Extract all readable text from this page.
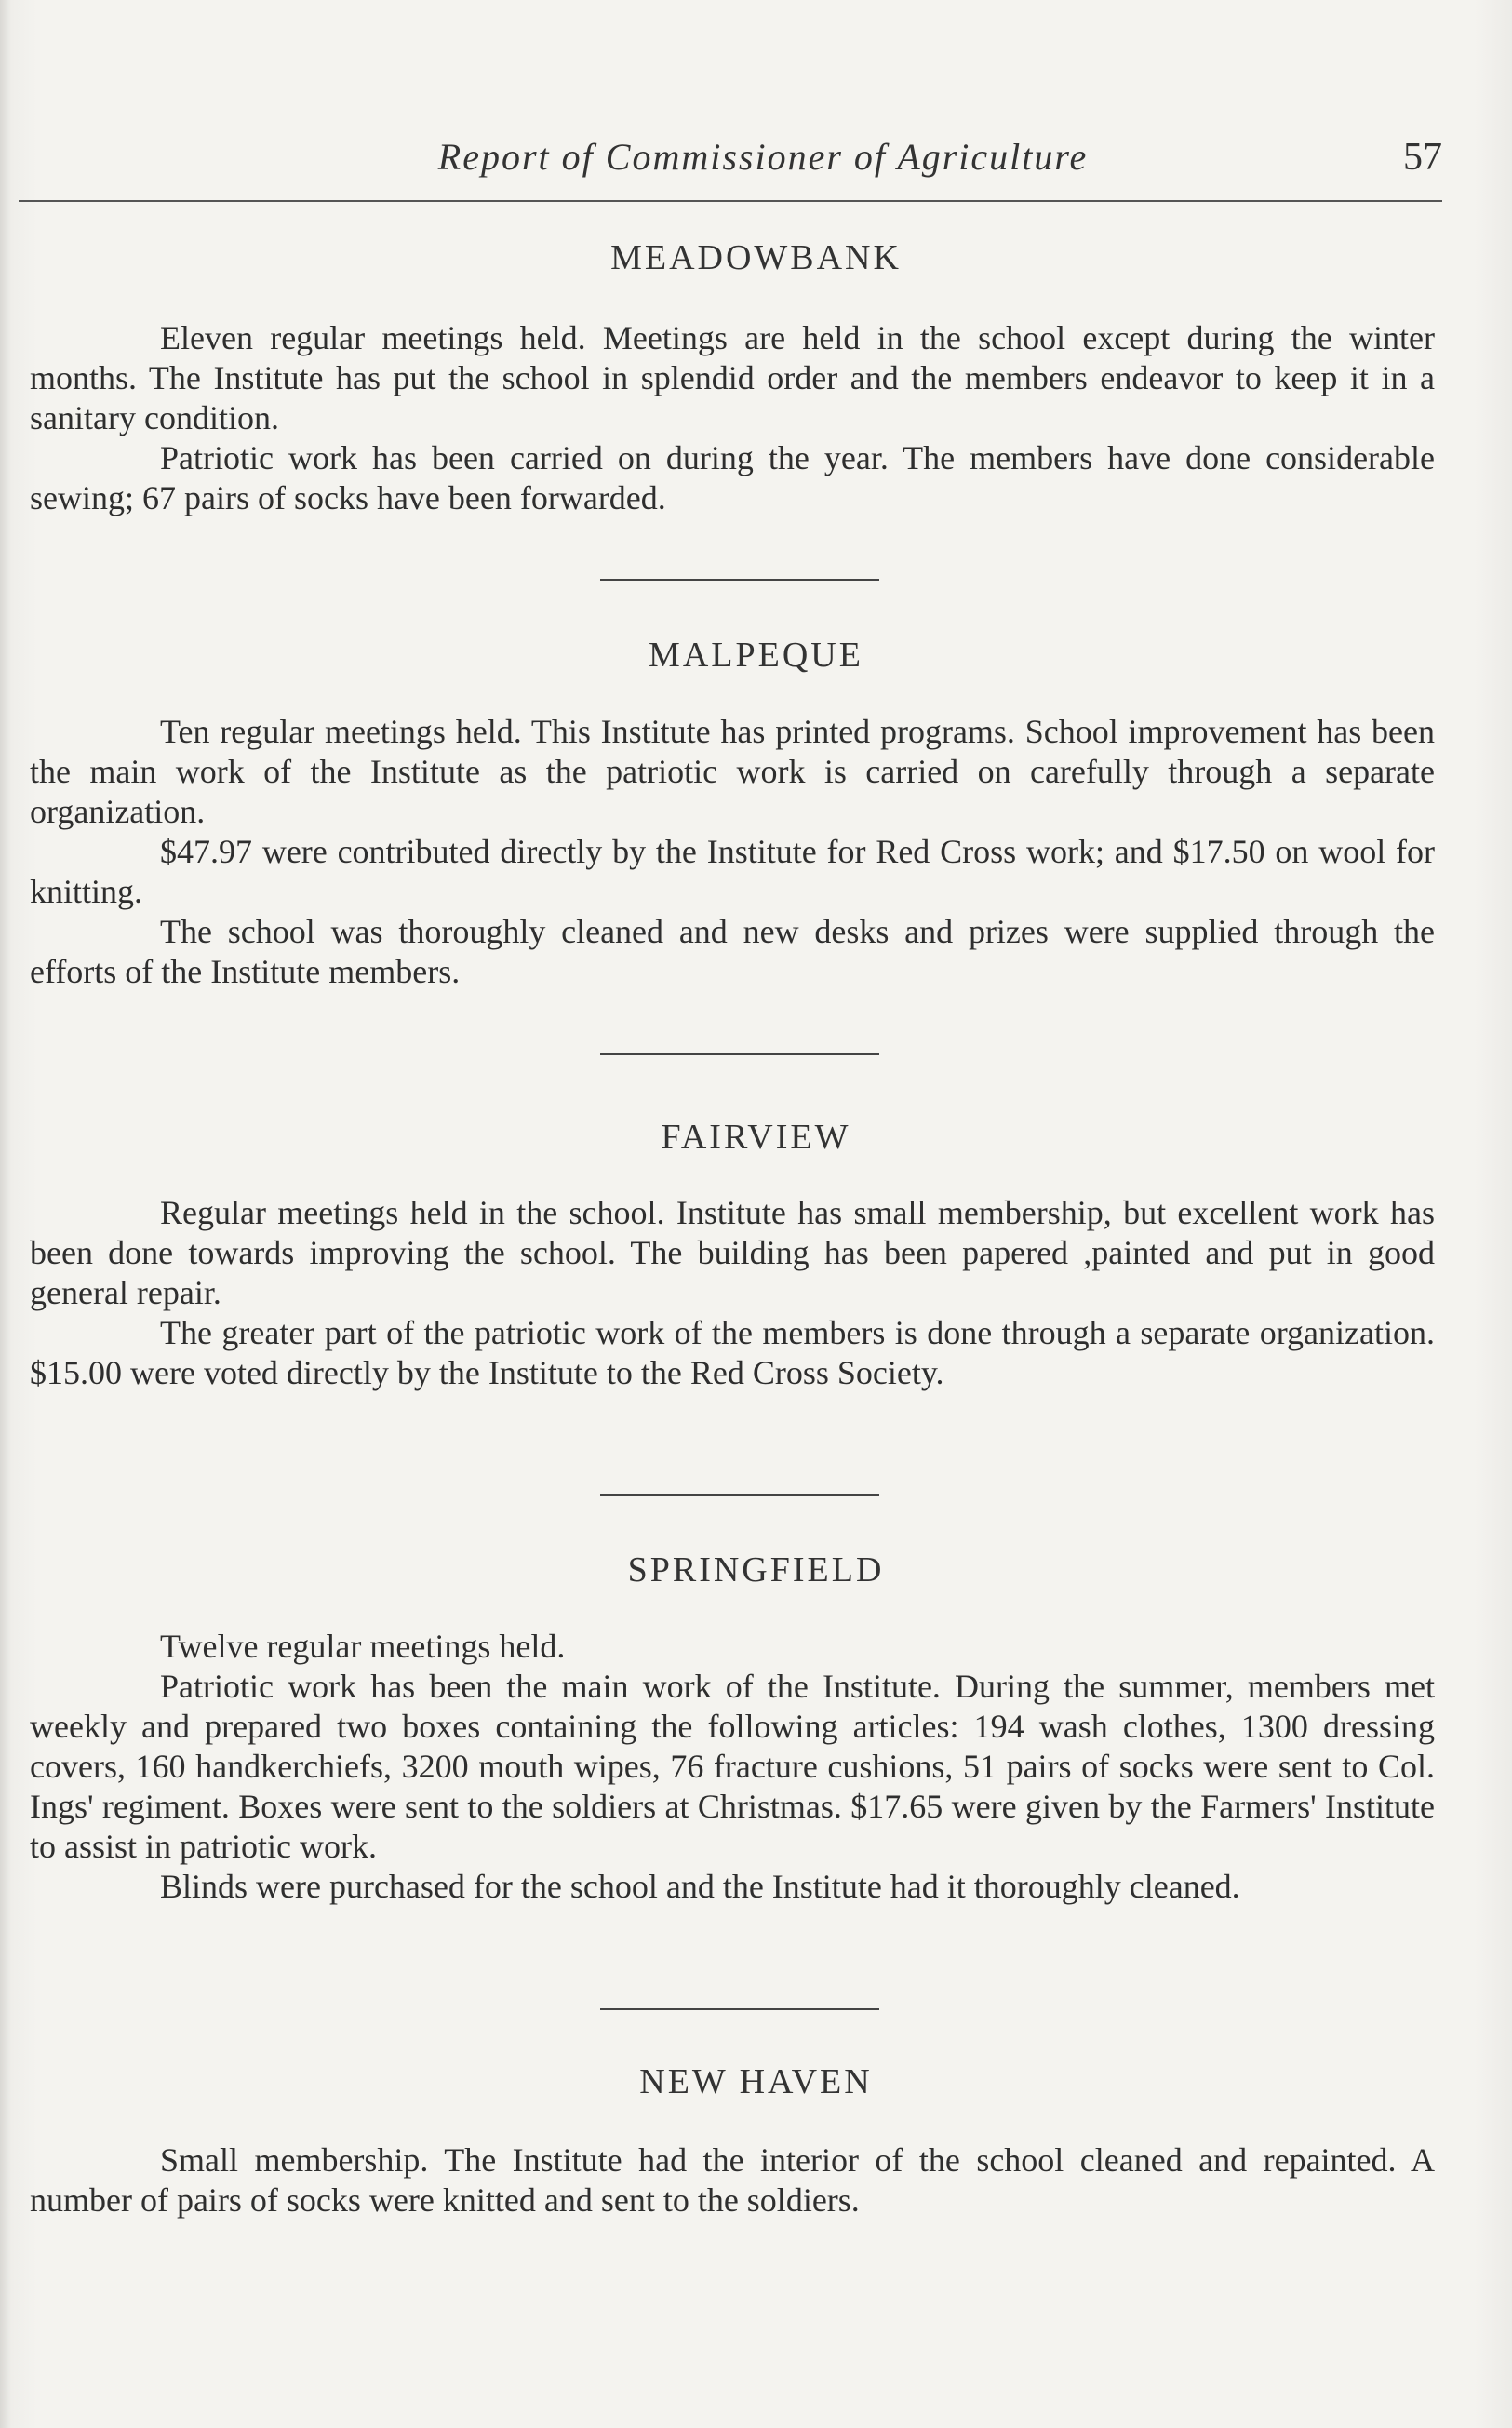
Report of Commissioner of Agriculture	57
MEADOWBANK

Eleven regular meetings held. Meetings are held in the school except during the winter months. The Institute has put the school in splendid order and the members endeavor to keep it in a sanitary condition.

Patriotic work has been carried on during the year. The members have done considerable sewing; 67 pairs of socks have been forwarded.

MALPEQUE

Ten regular meetings held. This Institute has printed programs. School improvement has been the main work of the Institute as the patriotic work is carried on carefully through a separate organization.

$47.97 were contributed directly by the Institute for Red Cross work; and $17.50 on wool for knitting.

The school was thoroughly cleaned and new desks and prizes were supplied through the efforts of the Institute members.

FAIRVIEW

Regular meetings held in the school. Institute has small membership, but excellent work has been done towards improving the school. The building has been papered ,painted and put in good general repair.

The greater part of the patriotic work of the members is done through a separate organization. $15.00 were voted directly by the Institute to the Red Cross Society.

SPRINGFIELD

Twelve regular meetings held.

Patriotic work has been the main work of the Institute. During the summer, members met weekly and prepared two boxes containing the following articles: 194 wash clothes, 1300 dressing covers, 160 handkerchiefs, 3200 mouth wipes, 76 fracture cushions, 51 pairs of socks were sent to Col. Ings' regiment. Boxes were sent to the soldiers at Christmas. $17.65 were given by the Farmers' Institute to assist in patriotic work.

Blinds were purchased for the school and the Institute had it thoroughly cleaned.

NEW HAVEN

Small membership. The Institute had the interior of the school cleaned and repainted. A number of pairs of socks were knitted and sent to the soldiers.
